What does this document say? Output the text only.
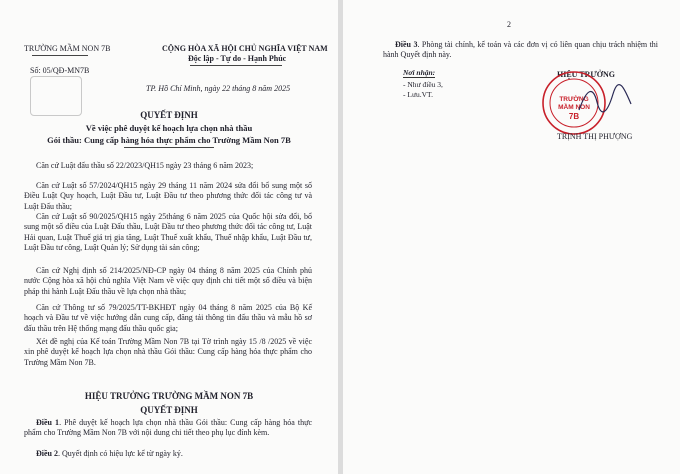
TRƯỜNG MẦM NON 7B
Số: 05/QĐ-MN7B
CỘNG HÒA XÃ HỘI CHỦ NGHĨA VIỆT NAM
Độc lập - Tự do - Hạnh Phúc
TP. Hồ Chí Minh, ngày 22 tháng 8 năm 2025
QUYẾT ĐỊNH
Về việc phê duyệt kế hoạch lựa chọn nhà thầu
Gói thầu: Cung cấp hàng hóa thực phẩm cho Trường Mầm Non 7B
Căn cứ Luật đấu thầu số 22/2023/QH15 ngày 23 tháng 6 năm 2023;
Căn cứ Luật số 57/2024/QH15 ngày 29 tháng 11 năm 2024 sửa đổi bổ sung một số Điều Luật Quy hoạch, Luật Đầu tư, Luật Đầu tư theo phương thức đối tác công tư và Luật Đấu thầu;
Căn cứ Luật số 90/2025/QH15 ngày 25tháng 6 năm 2025 của Quốc hội sửa đổi, bổ sung một số điều của Luật Đấu thầu, Luật Đầu tư theo phương thức đối tác công tư, Luật Hải quan, Luật Thuế giá trị gia tăng, Luật Thuế xuất khẩu, Thuế nhập khẩu, Luật Đầu tư, Luật Đầu tư công, Luật Quản lý; Sử dụng tài sản công;
Căn cứ Nghị định số 214/2025/NĐ-CP ngày 04 tháng 8 năm 2025 của Chính phủ nước Cộng hòa xã hội chủ nghĩa Việt Nam về việc quy định chi tiết một số điều và biện pháp thi hành Luật Đấu thầu về lựa chọn nhà thầu;
Căn cứ Thông tư số 79/2025/TT-BKHĐT ngày 04 tháng 8 năm 2025 của Bộ Kế hoạch và Đầu tư về việc hướng dẫn cung cấp, đăng tải thông tin đấu thầu và mẫu hồ sơ đấu thầu trên Hệ thống mạng đấu thầu quốc gia;
Xét đề nghị của Kế toán Trường Mầm Non 7B tại Tờ trình ngày 15 /8 /2025 về việc xin phê duyệt kế hoạch lựa chọn nhà thầu Gói thầu: Cung cấp hàng hóa thực phẩm cho Trường Mầm Non 7B.
HIỆU TRƯỞNG TRƯỜNG MẦM NON 7B
QUYẾT ĐỊNH
Điều 1. Phê duyệt kế hoạch lựa chọn nhà thầu Gói thầu: Cung cấp hàng hóa thực phẩm cho Trường Mầm Non 7B với nội dung chi tiết theo phụ lục đính kèm.
Điều 2. Quyết định có hiệu lực kể từ ngày ký.
2
Điều 3. Phòng tài chính, kế toán và các đơn vị có liên quan chịu trách nhiệm thi hành Quyết định này.
Nơi nhận:
- Như điều 3,
- Lưu.VT.
HIỆU TRƯỞNG
TRƯỜNG
MẦM NON
7B
TRỊNH THỊ PHƯỢNG
